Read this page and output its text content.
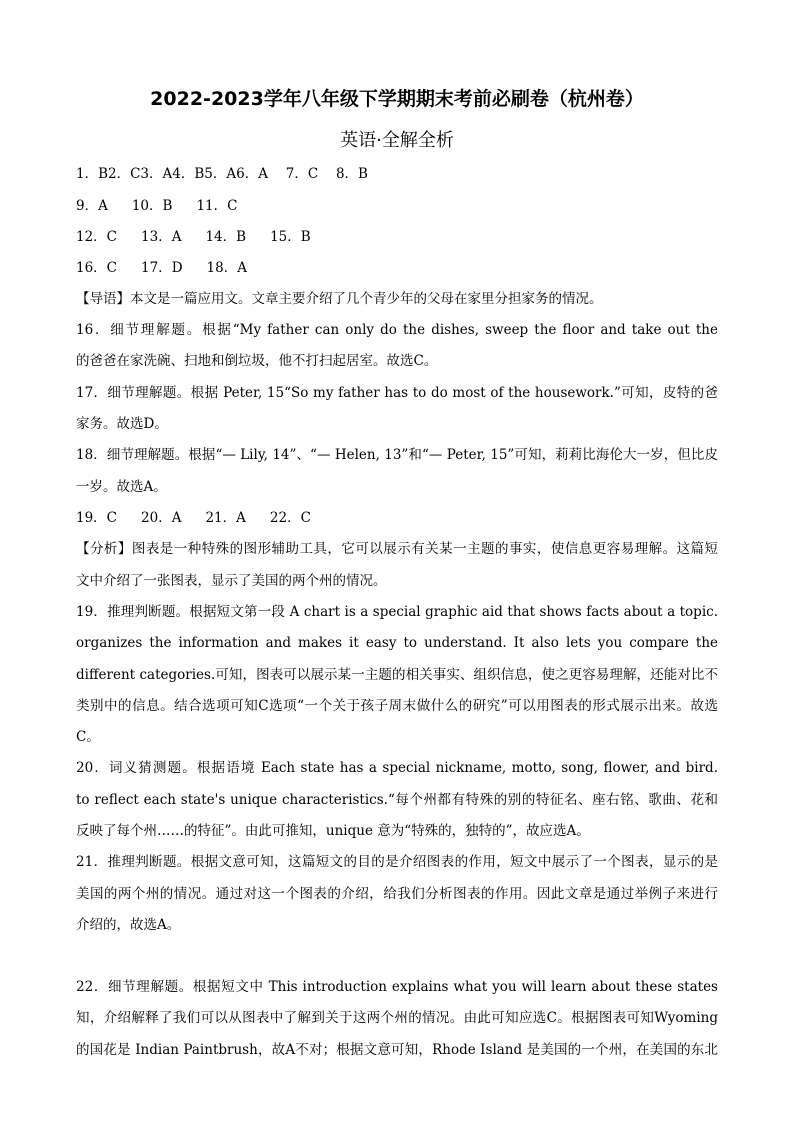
2022-2023学年八年级下学期期末考前必刷卷（杭州卷）
英语·全解全析
1．B2．C3．A4．B5．A6．A　 7．C　 8．B
9．A 10．B 11．C
12．C 13．A 14．B 15．B
16．C 17．D 18．A
【导语】本文是一篇应用文。文章主要介绍了几个青少年的父母在家里分担家务的情况。
16．细节理解题。根据“My father can only do the dishes, sweep the floor and take out the
的爸爸在家洗碗、扫地和倒垃圾，他不打扫起居室。故选C。
17．细节理解题。根据 Peter, 15“So my father has to do most of the housework.”可知，皮特的爸
家务。故选D。
18．细节理解题。根据“— Lily, 14”、“— Helen, 13”和“— Peter, 15”可知，莉莉比海伦大一岁，但比皮
一岁。故选A。
19．C 20．A 21．A 22．C
【分析】图表是一种特殊的图形辅助工具，它可以展示有关某一主题的事实，使信息更容易理解。这篇短
文中介绍了一张图表，显示了美国的两个州的情况。
19．推理判断题。根据短文第一段 A chart is a special graphic aid that shows facts about a topic.
organizes the information and makes it easy to understand. It also lets you compare the
different categories.可知，图表可以展示某一主题的相关事实、组织信息，使之更容易理解，还能对比不
类别中的信息。结合选项可知C选项“一个关于孩子周末做什么的研究”可以用图表的形式展示出来。故选
C。
20．词义猜测题。根据语境 Each state has a special nickname, motto, song, flower, and bird.
to reflect each state's unique characteristics.“每个州都有特殊的别的特征名、座右铭、歌曲、花和
反映了每个州……的特征”。由此可推知，unique 意为“特殊的，独特的”，故应选A。
21．推理判断题。根据文意可知，这篇短文的目的是介绍图表的作用，短文中展示了一个图表，显示的是
美国的两个州的情况。通过对这一个图表的介绍，给我们分析图表的作用。因此文章是通过举例子来进行
介绍的，故选A。
22．细节理解题。根据短文中 This introduction explains what you will learn about these states
知，介绍解释了我们可以从图表中了解到关于这两个州的情况。由此可知应选C。根据图表可知Wyoming
的国花是 Indian Paintbrush，故A不对；根据文意可知，Rhode Island 是美国的一个州，在美国的东北
